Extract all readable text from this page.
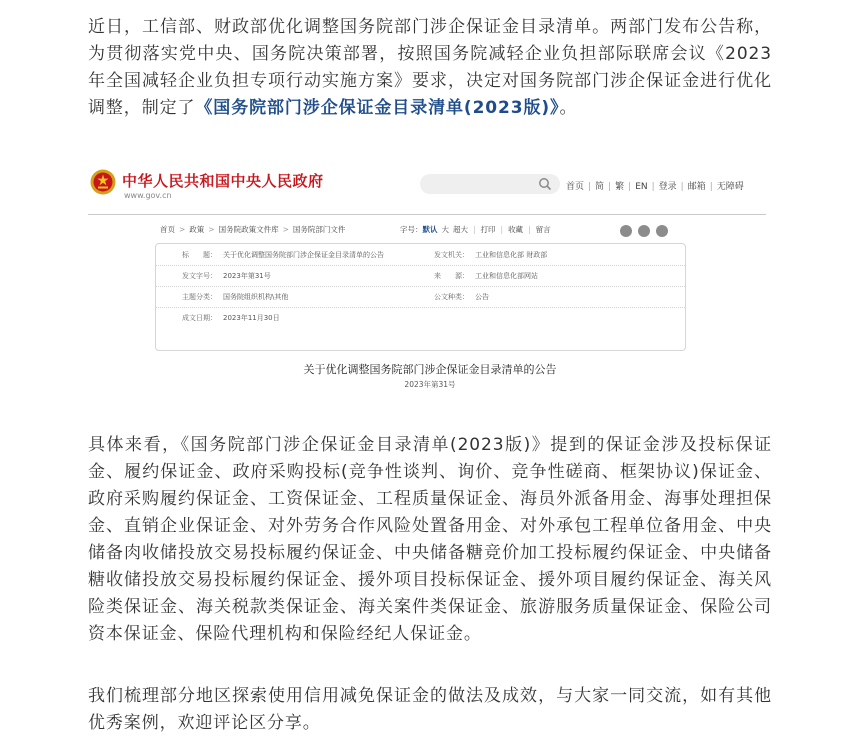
近日，工信部、财政部优化调整国务院部门涉企保证金目录清单。两部门发布公告称，为贯彻落实党中央、国务院决策部署，按照国务院减轻企业负担部际联席会议《2023年全国减轻企业负担专项行动实施方案》要求，决定对国务院部门涉企保证金进行优化调整，制定了《国务院部门涉企保证金目录清单(2023版)》。

中华人民共和国中央人民政府
www.gov.cn
首页 | 简 | 繁 | EN | 登录 | 邮箱 | 无障碍
首页 > 政策 > 国务院政策文件库 > 国务院部门文件	字号：默认 大 超大 | 打印 | 收藏 | 留言
标　　题： 关于优化调整国务院部门涉企保证金目录清单的公告	发文机关： 工业和信息化部 财政部
发文字号： 2023年第31号	来　　源： 工业和信息化部网站
主题分类： 国务院组织机构\其他	公文种类： 公告
成文日期： 2023年11月30日
关于优化调整国务院部门涉企保证金目录清单的公告
2023年第31号

具体来看，《国务院部门涉企保证金目录清单(2023版)》提到的保证金涉及投标保证金、履约保证金、政府采购投标(竞争性谈判、询价、竞争性磋商、框架协议)保证金、政府采购履约保证金、工资保证金、工程质量保证金、海员外派备用金、海事处理担保金、直销企业保证金、对外劳务合作风险处置备用金、对外承包工程单位备用金、中央储备肉收储投放交易投标履约保证金、中央储备糖竞价加工投标履约保证金、中央储备糖收储投放交易投标履约保证金、援外项目投标保证金、援外项目履约保证金、海关风险类保证金、海关税款类保证金、海关案件类保证金、旅游服务质量保证金、保险公司资本保证金、保险代理机构和保险经纪人保证金。

我们梳理部分地区探索使用信用减免保证金的做法及成效，与大家一同交流，如有其他优秀案例，欢迎评论区分享。
